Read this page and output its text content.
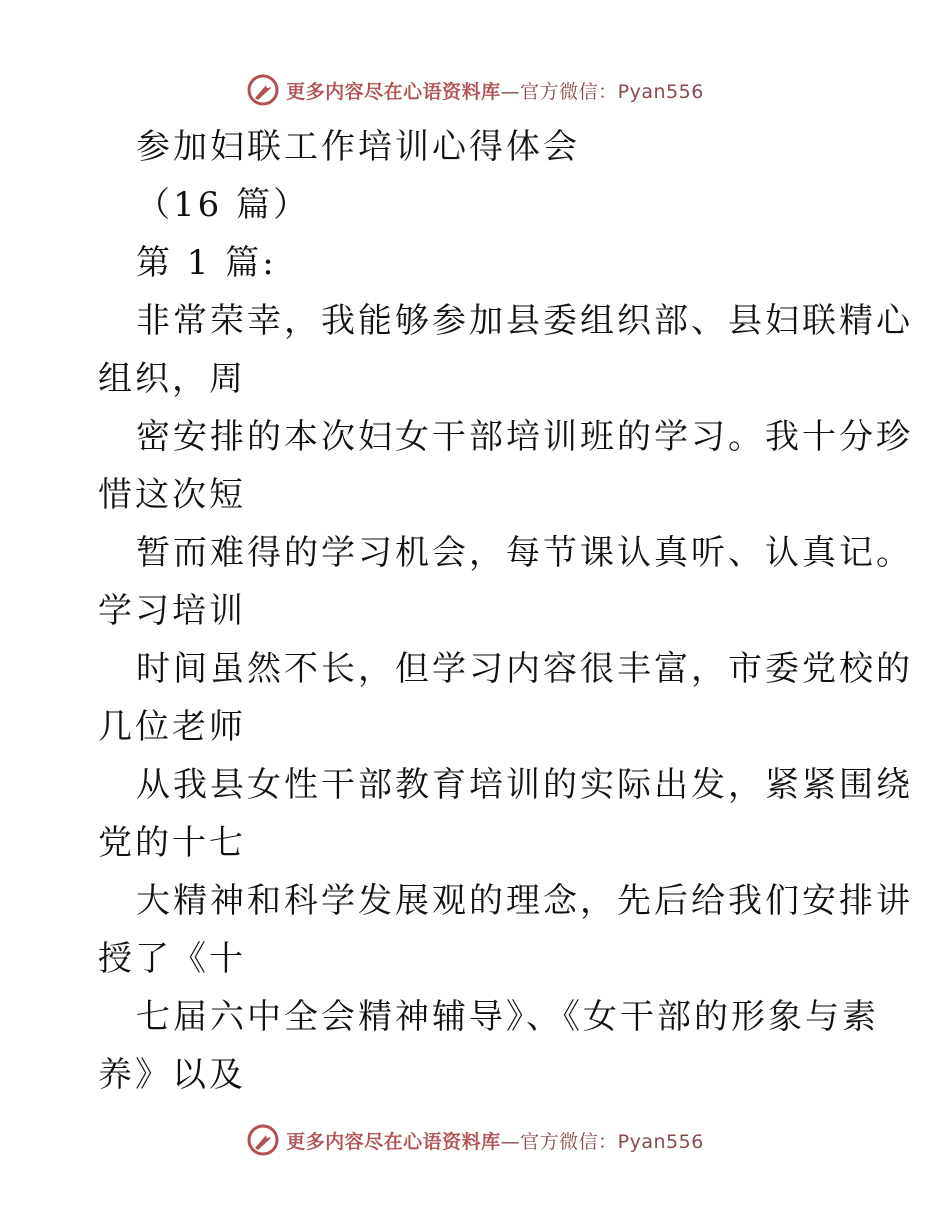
更多内容尽在心语资料库—官方微信：Pyan556
参加妇联工作培训心得体会
（16 篇）
第 1 篇:
非常荣幸，我能够参加县委组织部、县妇联精心
组织，周
密安排的本次妇女干部培训班的学习。我十分珍
惜这次短
暂而难得的学习机会，每节课认真听、认真记。
学习培训
时间虽然不长，但学习内容很丰富，市委党校的
几位老师
从我县女性干部教育培训的实际出发，紧紧围绕
党的十七
大精神和科学发展观的理念，先后给我们安排讲
授了《十
七届六中全会精神辅导》、《女干部的形象与素
养》以及
更多内容尽在心语资料库—官方微信：Pyan556
